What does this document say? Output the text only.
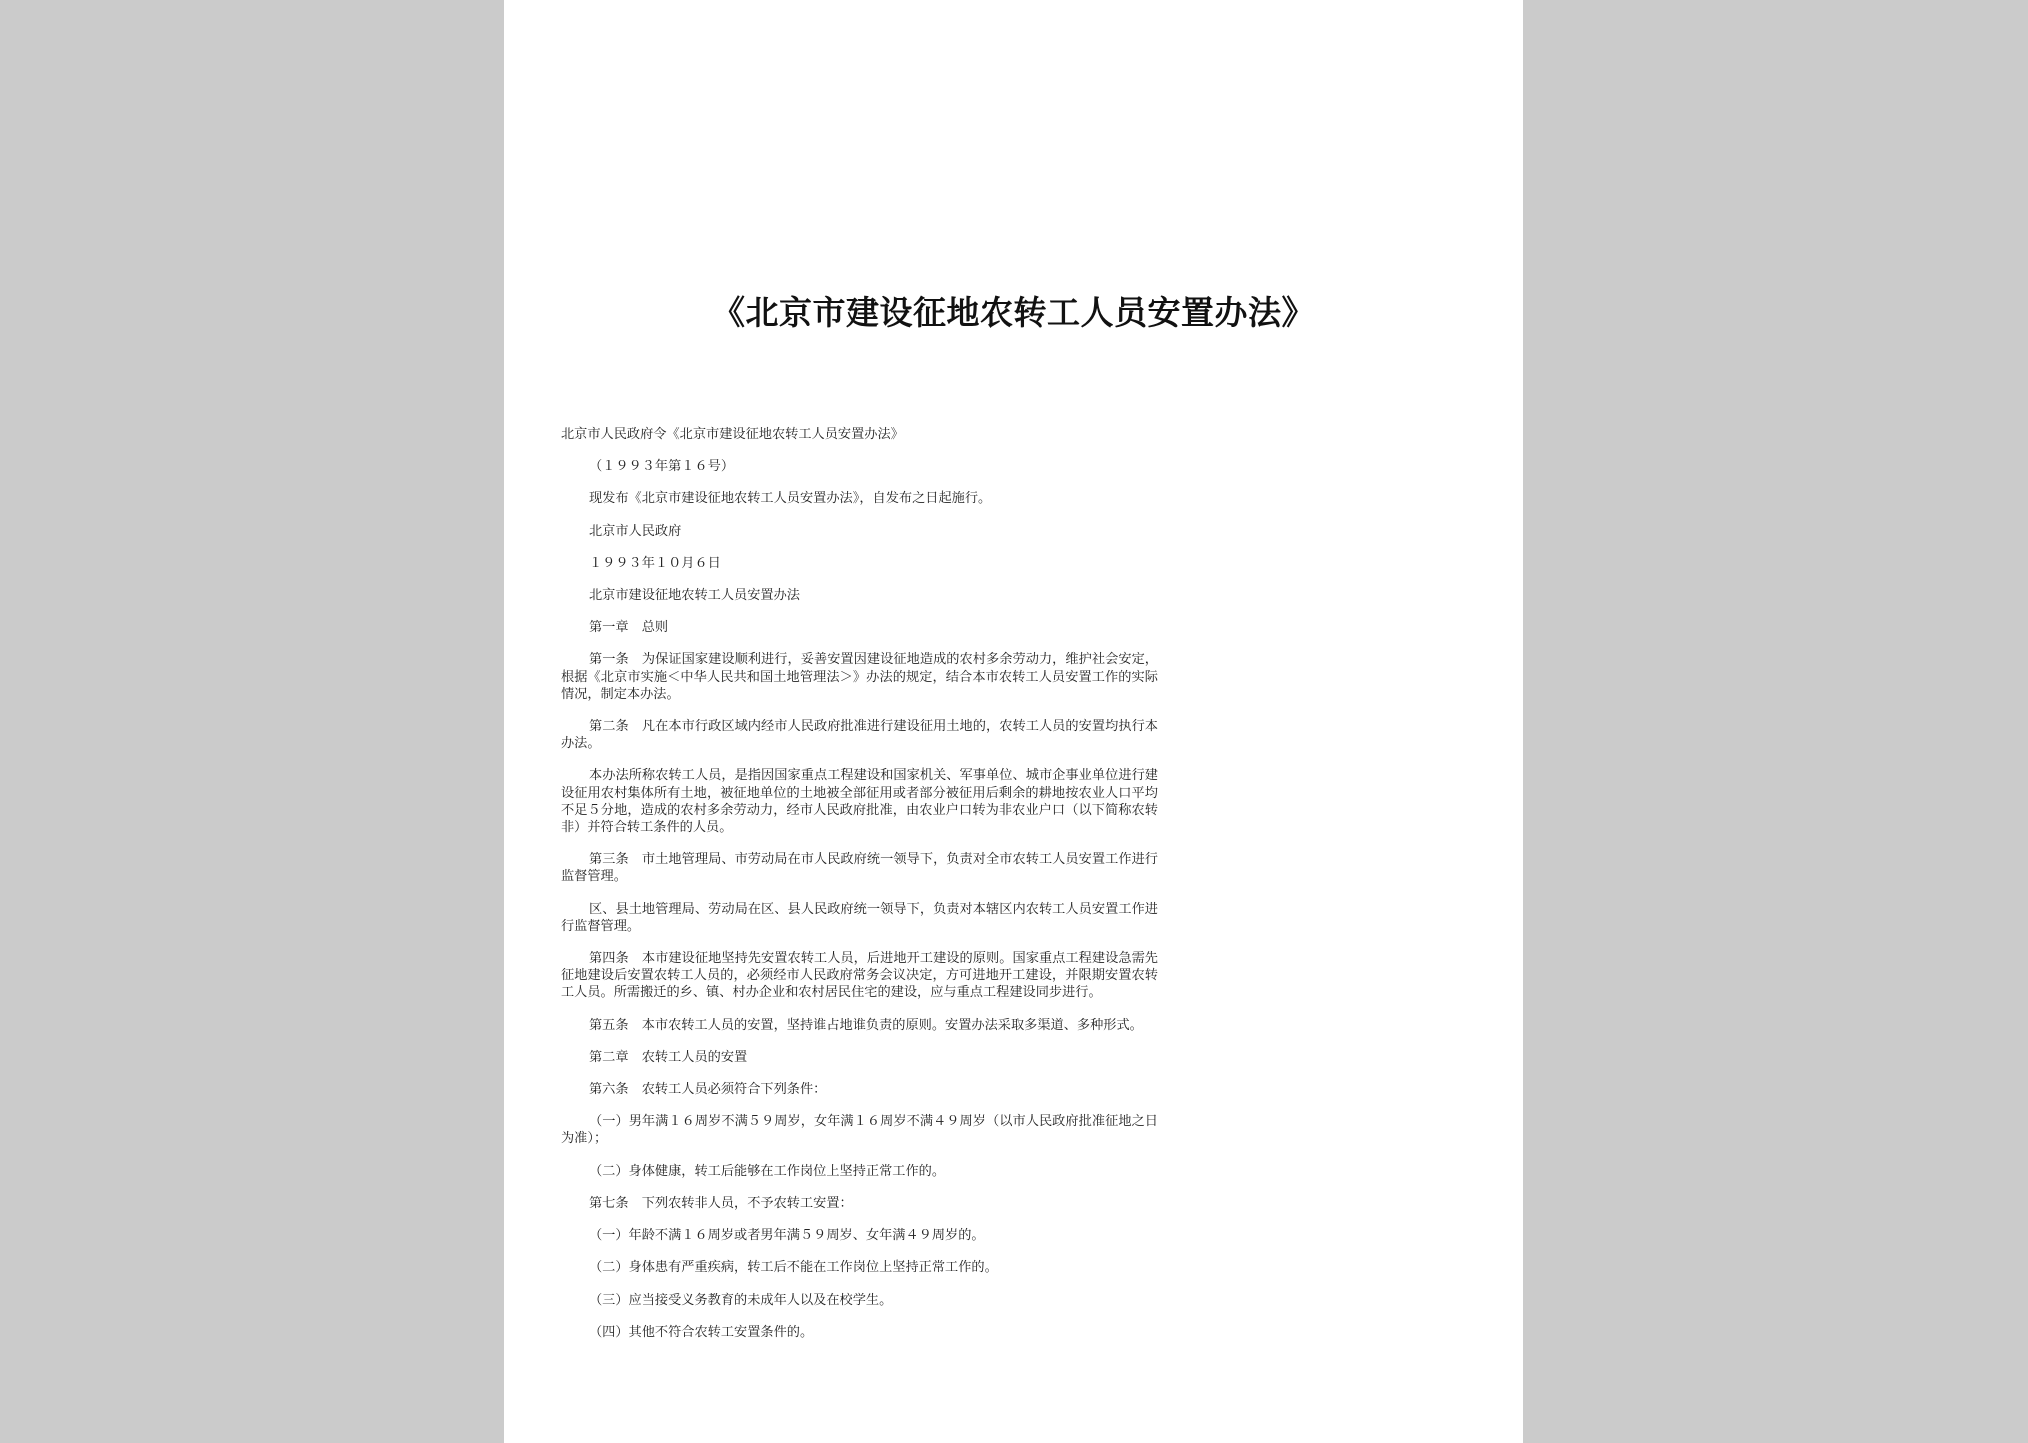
《北京市建设征地农转工人员安置办法》

北京市人民政府令《北京市建设征地农转工人员安置办法》

（１９９３年第１６号）

现发布《北京市建设征地农转工人员安置办法》，自发布之日起施行。

北京市人民政府

１９９３年１０月６日

北京市建设征地农转工人员安置办法

第一章　总则

第一条　为保证国家建设顺利进行，妥善安置因建设征地造成的农村多余劳动力，维护社会安定，根据《北京市实施＜中华人民共和国土地管理法＞》办法的规定，结合本市农转工人员安置工作的实际情况，制定本办法。

第二条　凡在本市行政区域内经市人民政府批准进行建设征用土地的，农转工人员的安置均执行本办法。

本办法所称农转工人员，是指因国家重点工程建设和国家机关、军事单位、城市企事业单位进行建设征用农村集体所有土地，被征地单位的土地被全部征用或者部分被征用后剩余的耕地按农业人口平均不足５分地，造成的农村多余劳动力，经市人民政府批准，由农业户口转为非农业户口（以下简称农转非）并符合转工条件的人员。

第三条　市土地管理局、市劳动局在市人民政府统一领导下，负责对全市农转工人员安置工作进行监督管理。

区、县土地管理局、劳动局在区、县人民政府统一领导下，负责对本辖区内农转工人员安置工作进行监督管理。

第四条　本市建设征地坚持先安置农转工人员，后进地开工建设的原则。国家重点工程建设急需先征地建设后安置农转工人员的，必须经市人民政府常务会议决定，方可进地开工建设，并限期安置农转工人员。所需搬迁的乡、镇、村办企业和农村居民住宅的建设，应与重点工程建设同步进行。

第五条　本市农转工人员的安置，坚持谁占地谁负责的原则。安置办法采取多渠道、多种形式。

第二章　农转工人员的安置

第六条　农转工人员必须符合下列条件：

（一）男年满１６周岁不满５９周岁，女年满１６周岁不满４９周岁（以市人民政府批准征地之日为准）；

（二）身体健康，转工后能够在工作岗位上坚持正常工作的。

第七条　下列农转非人员，不予农转工安置：

（一）年龄不满１６周岁或者男年满５９周岁、女年满４９周岁的。

（二）身体患有严重疾病，转工后不能在工作岗位上坚持正常工作的。

（三）应当接受义务教育的未成年人以及在校学生。

（四）其他不符合农转工安置条件的。
